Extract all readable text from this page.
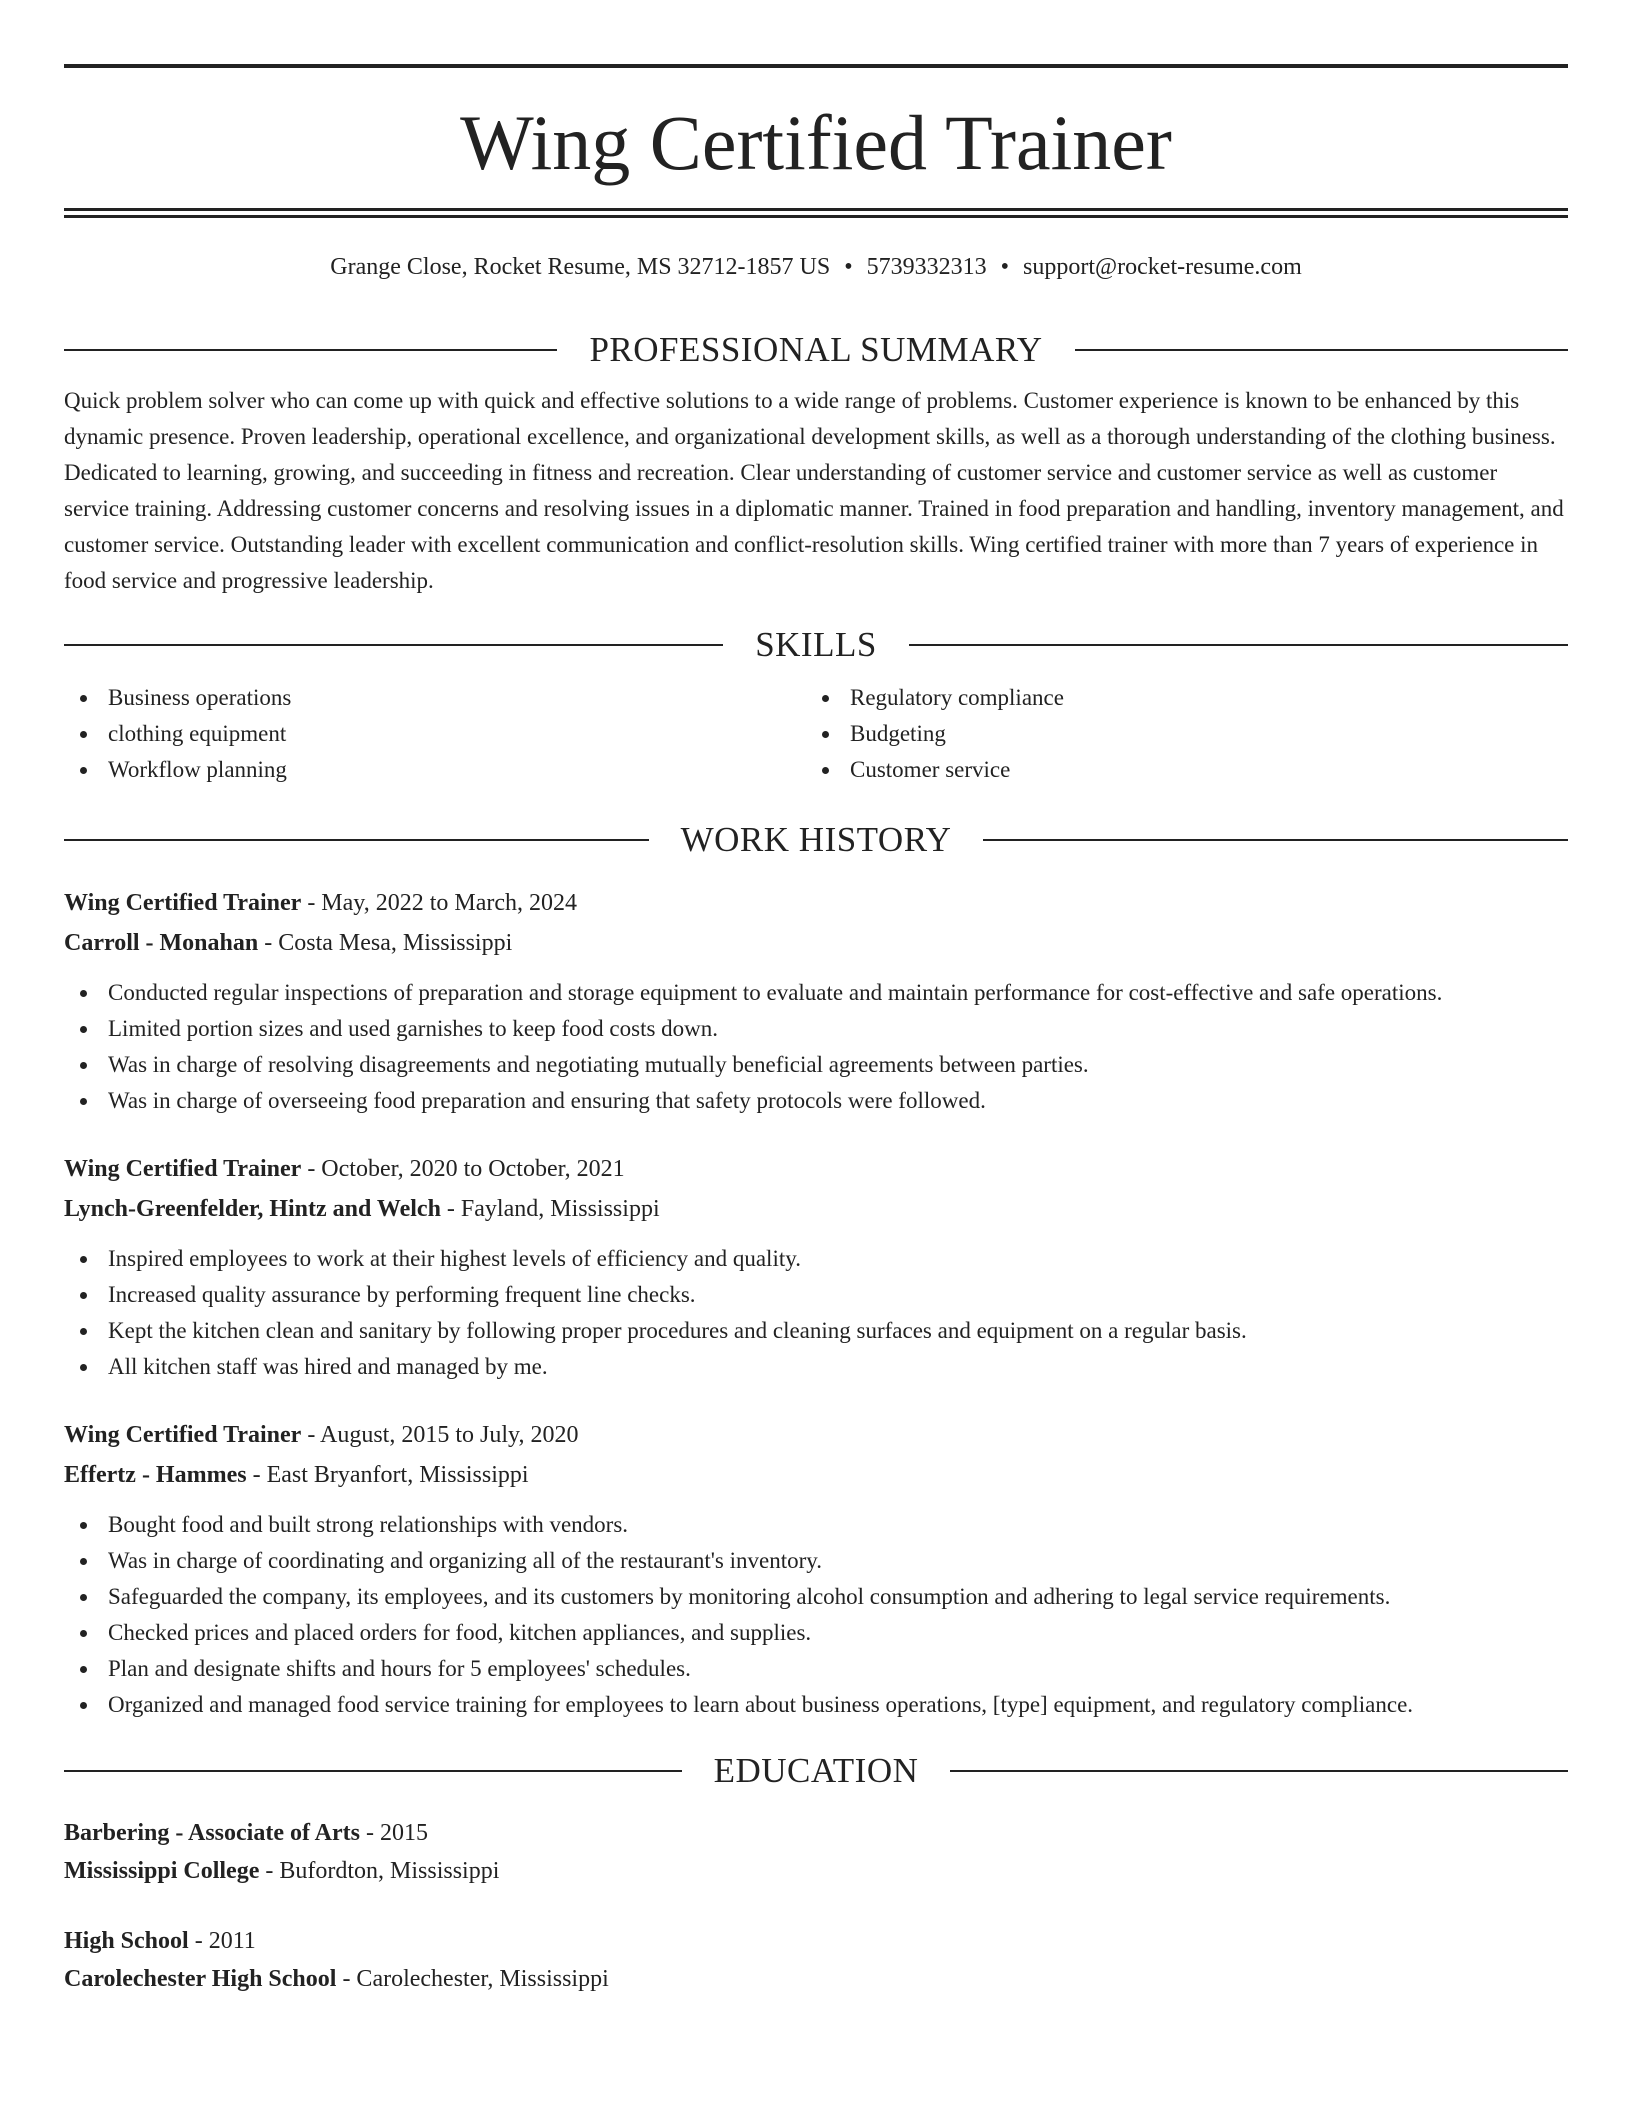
Wing Certified Trainer
Grange Close, Rocket Resume, MS 32712-1857 US • 5739332313 • support@rocket-resume.com
PROFESSIONAL SUMMARY

Quick problem solver who can come up with quick and effective solutions to a wide range of problems. Customer experience is known to be enhanced by this dynamic presence. Proven leadership, operational excellence, and organizational development skills, as well as a thorough understanding of the clothing business. Dedicated to learning, growing, and succeeding in fitness and recreation. Clear understanding of customer service and customer service as well as customer service training. Addressing customer concerns and resolving issues in a diplomatic manner. Trained in food preparation and handling, inventory management, and customer service. Outstanding leader with excellent communication and conflict-resolution skills. Wing certified trainer with more than 7 years of experience in food service and progressive leadership.

SKILLS
Business operations
clothing equipment
Workflow planning
Regulatory compliance
Budgeting
Customer service
WORK HISTORY
Wing Certified Trainer - May, 2022 to March, 2024
Carroll - Monahan - Costa Mesa, Mississippi
Conducted regular inspections of preparation and storage equipment to evaluate and maintain performance for cost-effective and safe operations.
Limited portion sizes and used garnishes to keep food costs down.
Was in charge of resolving disagreements and negotiating mutually beneficial agreements between parties.
Was in charge of overseeing food preparation and ensuring that safety protocols were followed.
Wing Certified Trainer - October, 2020 to October, 2021
Lynch-Greenfelder, Hintz and Welch - Fayland, Mississippi
Inspired employees to work at their highest levels of efficiency and quality.
Increased quality assurance by performing frequent line checks.
Kept the kitchen clean and sanitary by following proper procedures and cleaning surfaces and equipment on a regular basis.
All kitchen staff was hired and managed by me.
Wing Certified Trainer - August, 2015 to July, 2020
Effertz - Hammes - East Bryanfort, Mississippi
Bought food and built strong relationships with vendors.
Was in charge of coordinating and organizing all of the restaurant's inventory.
Safeguarded the company, its employees, and its customers by monitoring alcohol consumption and adhering to legal service requirements.
Checked prices and placed orders for food, kitchen appliances, and supplies.
Plan and designate shifts and hours for 5 employees' schedules.
Organized and managed food service training for employees to learn about business operations, [type] equipment, and regulatory compliance.
EDUCATION
Barbering - Associate of Arts - 2015
Mississippi College - Bufordton, Mississippi
High School - 2011
Carolechester High School - Carolechester, Mississippi
